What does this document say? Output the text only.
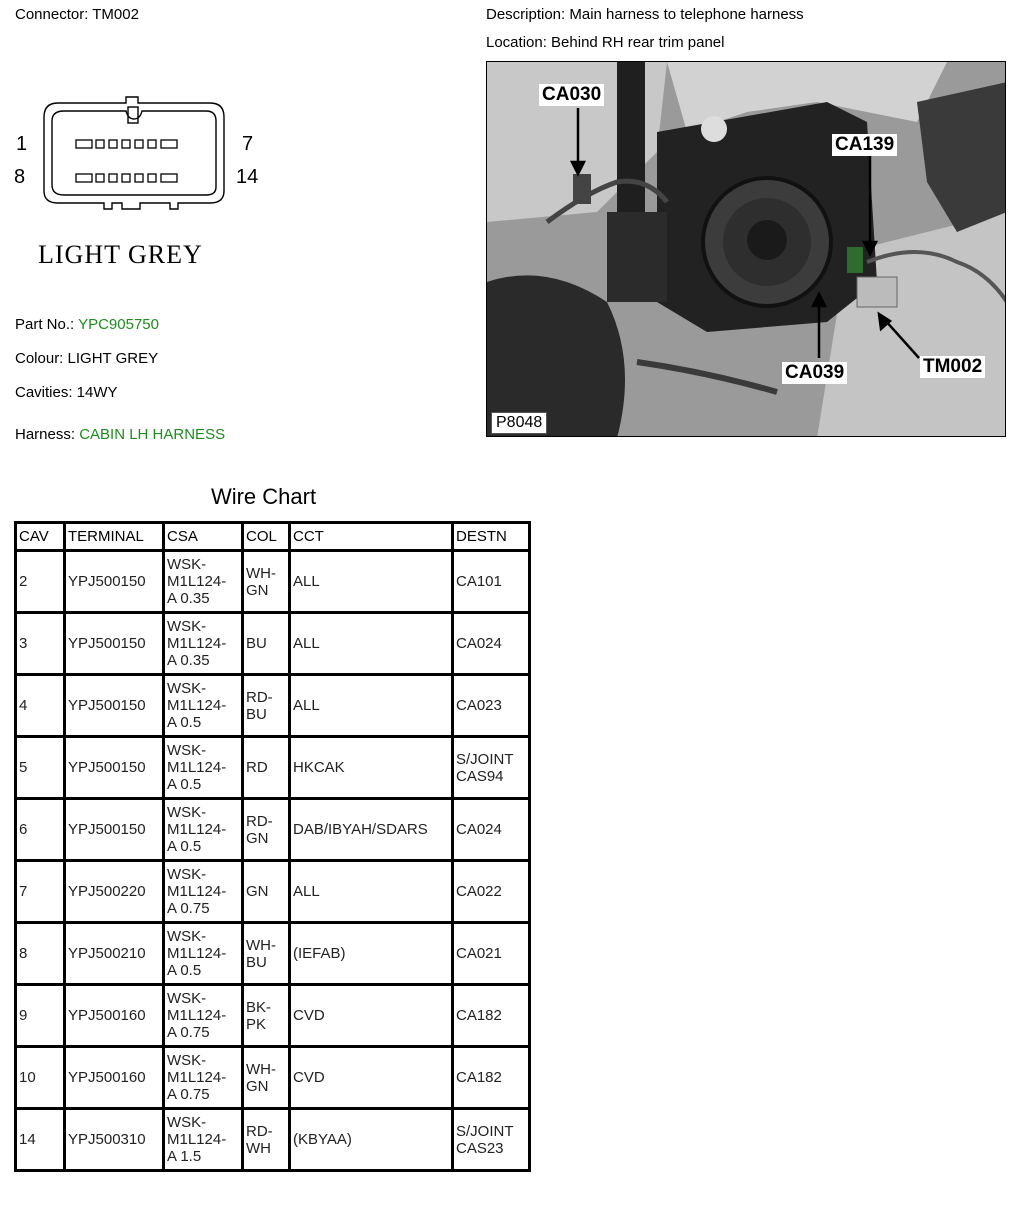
Connector: TM002	Description: Main harness to telephone harness
Location: Behind RH rear trim panel
1
8
7
14
LIGHT GREY
Part No.: YPC905750
Colour: LIGHT GREY
Cavities: 14WY
Harness: CABIN LH HARNESS
CA030
CA139
CA039	TM002
P8048
Wire Chart
CAV	TERMINAL	CSA	COL	CCT	DESTN
2	YPJ500150	WSK-
M1L124-
A 0.35	WH-
GN	ALL	CA101
3	YPJ500150	WSK-
M1L124-
A 0.35	BU	ALL	CA024
4	YPJ500150	WSK-
M1L124-
A 0.5	RD-
BU	ALL	CA023
5	YPJ500150	WSK-
M1L124-
A 0.5	RD	HKCAK	S/JOINT
CAS94
6	YPJ500150	WSK-
M1L124-
A 0.5	RD-
GN	DAB/IBYAH/SDARS	CA024
7	YPJ500220	WSK-
M1L124-
A 0.75	GN	ALL	CA022
8	YPJ500210	WSK-
M1L124-
A 0.5	WH-
BU	(IEFAB)	CA021
9	YPJ500160	WSK-
M1L124-
A 0.75	BK-
PK	CVD	CA182
10	YPJ500160	WSK-
M1L124-
A 0.75	WH-
GN	CVD	CA182
14	YPJ500310	WSK-
M1L124-
A 1.5	RD-
WH	(KBYAA)	S/JOINT
CAS23
